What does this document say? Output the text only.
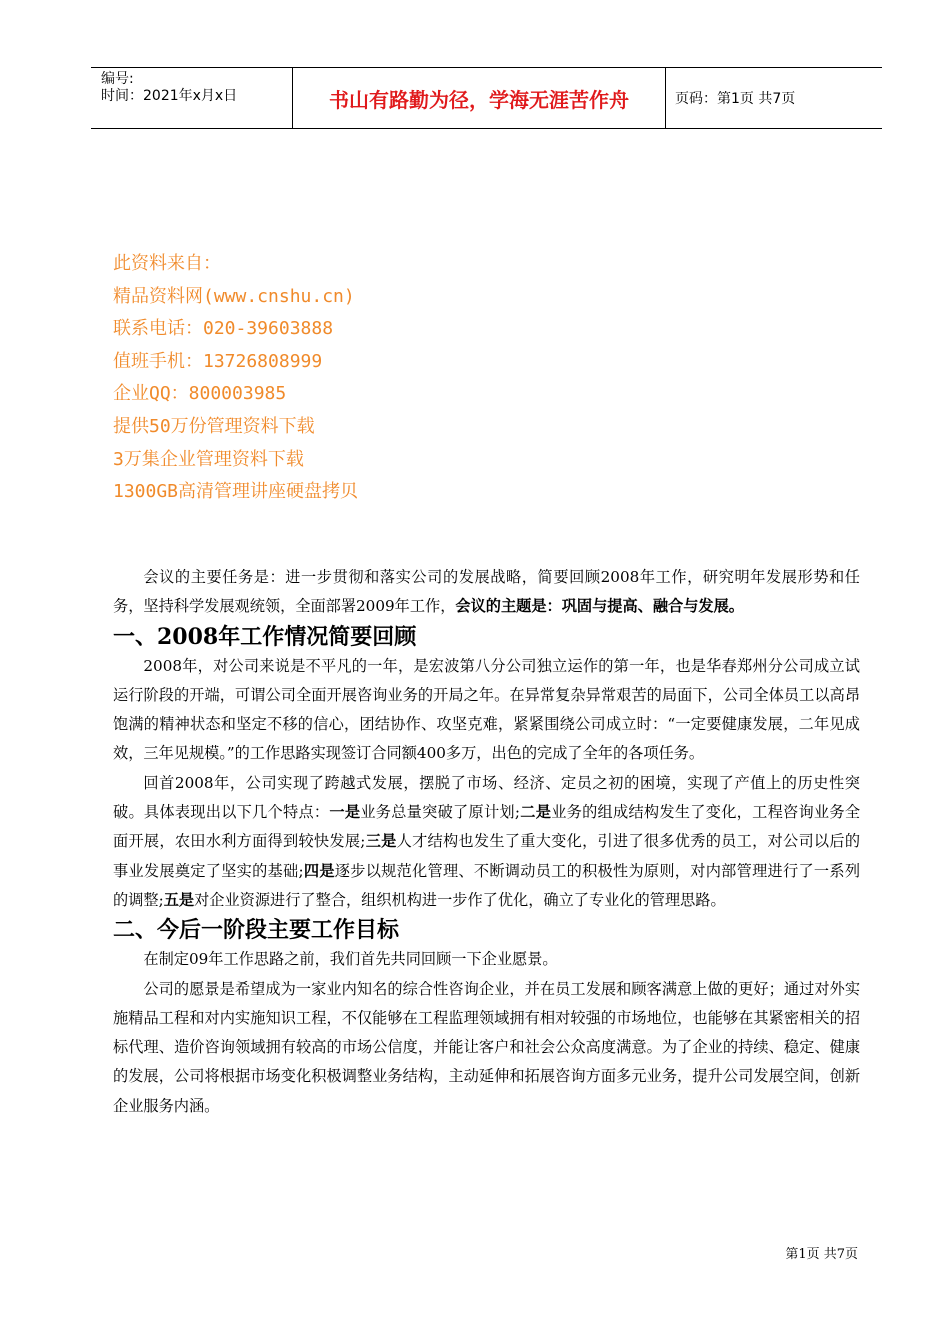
编号:
时间：2021年x月x日	书山有路勤为径，学海无涯苦作舟	页码：第1页 共7页
此资料来自：
精品资料网(www.cnshu.cn)
联系电话：020-39603888
值班手机：13726808999
企业QQ：800003985
提供50万份管理资料下载
3万集企业管理资料下载
1300GB高清管理讲座硬盘拷贝

会议的主要任务是：进一步贯彻和落实公司的发展战略，简要回顾2008年工作，研究明年发展形势和任务，坚持科学发展观统领，全面部署2009年工作，会议的主题是：巩固与提高、融合与发展。

一、2008年工作情况简要回顾

2008年，对公司来说是不平凡的一年，是宏波第八分公司独立运作的第一年，也是华春郑州分公司成立试运行阶段的开端，可谓公司全面开展咨询业务的开局之年。在异常复杂异常艰苦的局面下，公司全体员工以高昂饱满的精神状态和坚定不移的信心，团结协作、攻坚克难，紧紧围绕公司成立时：“一定要健康发展，二年见成效，三年见规模。”的工作思路实现签订合同额400多万，出色的完成了全年的各项任务。

回首2008年，公司实现了跨越式发展，摆脱了市场、经济、定员之初的困境，实现了产值上的历史性突破。具体表现出以下几个特点：一是业务总量突破了原计划;二是业务的组成结构发生了变化，工程咨询业务全面开展，农田水利方面得到较快发展;三是人才结构也发生了重大变化，引进了很多优秀的员工，对公司以后的事业发展奠定了坚实的基础;四是逐步以规范化管理、不断调动员工的积极性为原则，对内部管理进行了一系列的调整;五是对企业资源进行了整合，组织机构进一步作了优化，确立了专业化的管理思路。

二、今后一阶段主要工作目标

在制定09年工作思路之前，我们首先共同回顾一下企业愿景。

公司的愿景是希望成为一家业内知名的综合性咨询企业，并在员工发展和顾客满意上做的更好；通过对外实施精品工程和对内实施知识工程，不仅能够在工程监理领域拥有相对较强的市场地位，也能够在其紧密相关的招标代理、造价咨询领域拥有较高的市场公信度，并能让客户和社会公众高度满意。为了企业的持续、稳定、健康的发展，公司将根据市场变化积极调整业务结构，主动延伸和拓展咨询方面多元业务，提升公司发展空间，创新企业服务内涵。

第1页 共7页
